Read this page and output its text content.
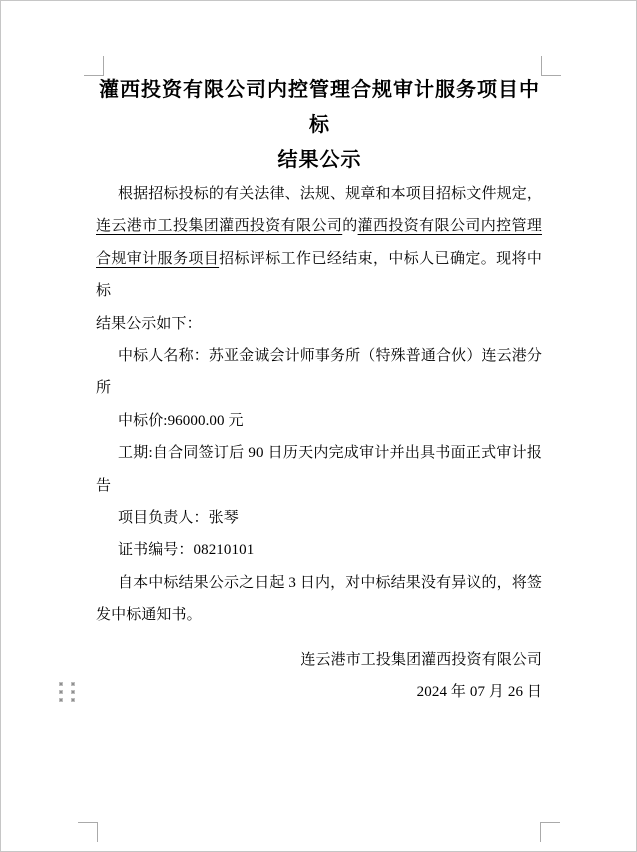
灌西投资有限公司内控管理合规审计服务项目中标
结果公示
根据招标投标的有关法律、法规、规章和本项目招标文件规定，
连云港市工投集团灌西投资有限公司的灌西投资有限公司内控管理
合规审计服务项目招标评标工作已经结束，中标人已确定。现将中标
结果公示如下：
中标人名称：苏亚金诚会计师事务所（特殊普通合伙）连云港分
所
中标价:96000.00 元
工期:自合同签订后 90 日历天内完成审计并出具书面正式审计报
告
项目负责人：张琴
证书编号：08210101
自本中标结果公示之日起 3 日内，对中标结果没有异议的，将签
发中标通知书。
连云港市工投集团灌西投资有限公司
2024 年 07 月 26 日
